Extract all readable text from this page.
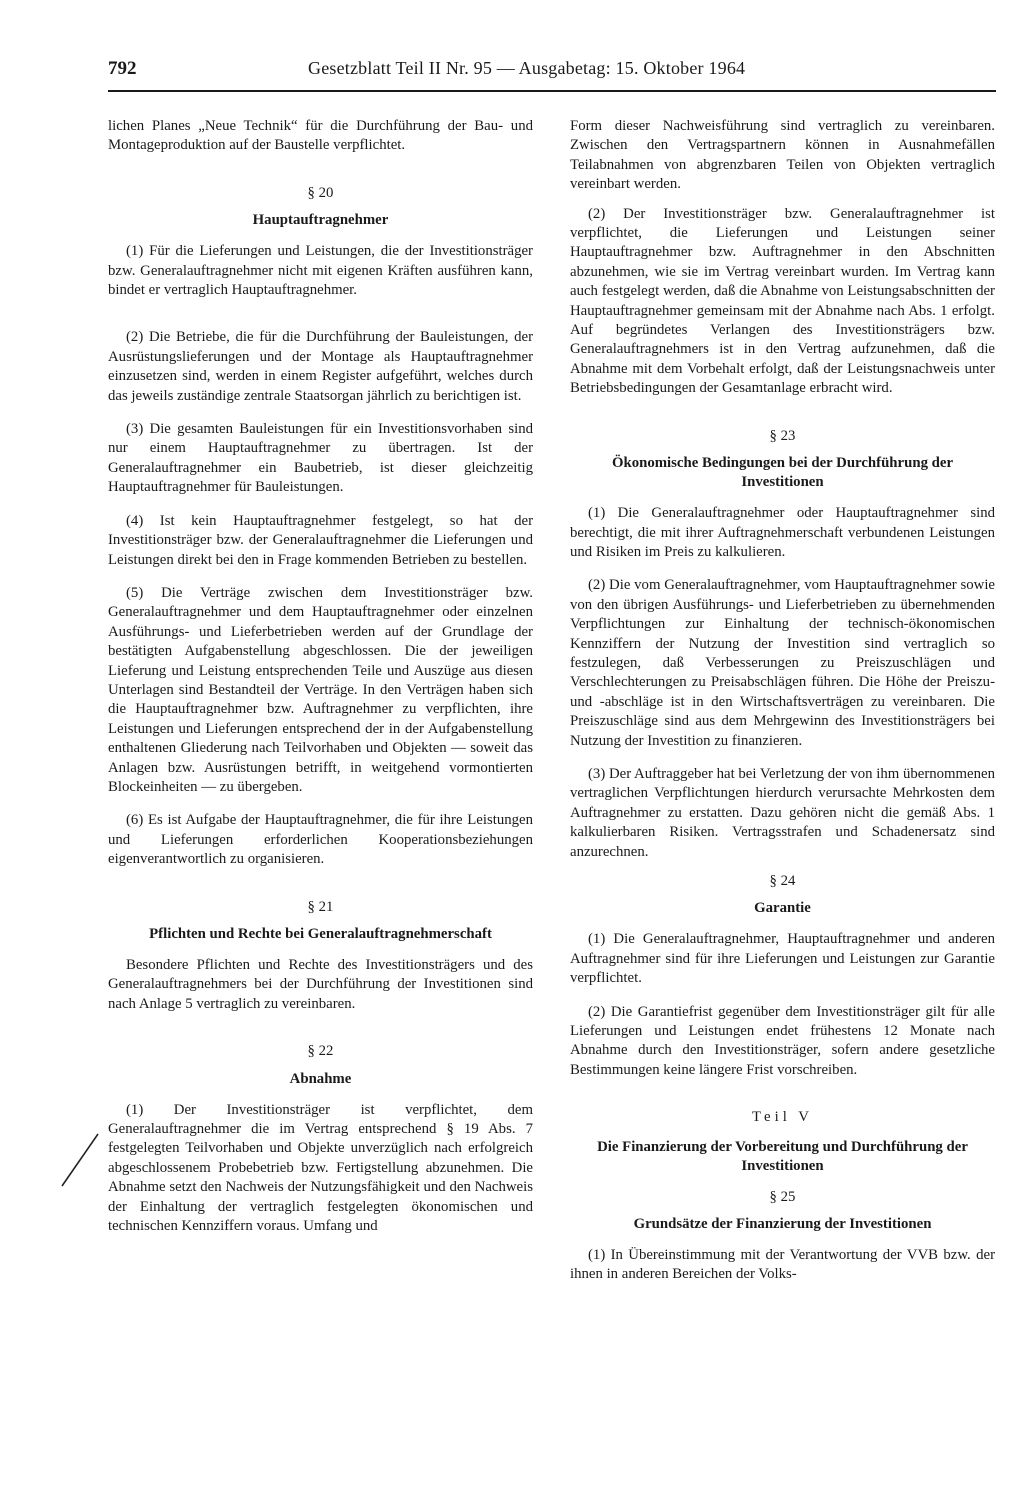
792	Gesetzblatt Teil II Nr. 95 — Ausgabetag: 15. Oktober 1964

lichen Planes „Neue Technik“ für die Durchführung der Bau- und Montageproduktion auf der Baustelle verpflichtet.

§ 20

Hauptauftragnehmer

(1) Für die Lieferungen und Leistungen, die der Investitionsträger bzw. Generalauftragnehmer nicht mit eigenen Kräften ausführen kann, bindet er vertraglich Hauptauftragnehmer.

(2) Die Betriebe, die für die Durchführung der Bauleistungen, der Ausrüstungslieferungen und der Montage als Hauptauftragnehmer einzusetzen sind, werden in einem Register aufgeführt, welches durch das jeweils zuständige zentrale Staatsorgan jährlich zu berichtigen ist.

(3) Die gesamten Bauleistungen für ein Investitionsvorhaben sind nur einem Hauptauftragnehmer zu übertragen. Ist der Generalauftragnehmer ein Baubetrieb, ist dieser gleichzeitig Hauptauftragnehmer für Bauleistungen.

(4) Ist kein Hauptauftragnehmer festgelegt, so hat der Investitionsträger bzw. der Generalauftragnehmer die Lieferungen und Leistungen direkt bei den in Frage kommenden Betrieben zu bestellen.

(5) Die Verträge zwischen dem Investitionsträger bzw. Generalauftragnehmer und dem Hauptauftragnehmer oder einzelnen Ausführungs- und Lieferbetrieben werden auf der Grundlage der bestätigten Aufgabenstellung abgeschlossen. Die der jeweiligen Lieferung und Leistung entsprechenden Teile und Auszüge aus diesen Unterlagen sind Bestandteil der Verträge. In den Verträgen haben sich die Hauptauftragnehmer bzw. Auftragnehmer zu verpflichten, ihre Leistungen und Lieferungen entsprechend der in der Aufgabenstellung enthaltenen Gliederung nach Teilvorhaben und Objekten — soweit das Anlagen bzw. Ausrüstungen betrifft, in weitgehend vormontierten Blockeinheiten — zu übergeben.

(6) Es ist Aufgabe der Hauptauftragnehmer, die für ihre Leistungen und Lieferungen erforderlichen Kooperationsbeziehungen eigenverantwortlich zu organisieren.

§ 21

Pflichten und Rechte bei Generalauftragnehmerschaft

Besondere Pflichten und Rechte des Investitionsträgers und des Generalauftragnehmers bei der Durchführung der Investitionen sind nach Anlage 5 vertraglich zu vereinbaren.

§ 22

Abnahme

(1) Der Investitionsträger ist verpflichtet, dem Generalauftragnehmer die im Vertrag entsprechend § 19 Abs. 7 festgelegten Teilvorhaben und Objekte unverzüglich nach erfolgreich abgeschlossenem Probebetrieb bzw. Fertigstellung abzunehmen. Die Abnahme setzt den Nachweis der Nutzungsfähigkeit und den Nachweis der Einhaltung der vertraglich festgelegten ökonomischen und technischen Kennziffern voraus. Umfang und

Form dieser Nachweisführung sind vertraglich zu vereinbaren. Zwischen den Vertragspartnern können in Ausnahmefällen Teilabnahmen von abgrenzbaren Teilen von Objekten vertraglich vereinbart werden.

(2) Der Investitionsträger bzw. Generalauftragnehmer ist verpflichtet, die Lieferungen und Leistungen seiner Hauptauftragnehmer bzw. Auftragnehmer in den Abschnitten abzunehmen, wie sie im Vertrag vereinbart wurden. Im Vertrag kann auch festgelegt werden, daß die Abnahme von Leistungsabschnitten der Hauptauftragnehmer gemeinsam mit der Abnahme nach Abs. 1 erfolgt. Auf begründetes Verlangen des Investitionsträgers bzw. Generalauftragnehmers ist in den Vertrag aufzunehmen, daß die Abnahme mit dem Vorbehalt erfolgt, daß der Leistungsnachweis unter Betriebsbedingungen der Gesamtanlage erbracht wird.

§ 23

Ökonomische Bedingungen bei der Durchführung der Investitionen

(1) Die Generalauftragnehmer oder Hauptauftragnehmer sind berechtigt, die mit ihrer Auftragnehmerschaft verbundenen Leistungen und Risiken im Preis zu kalkulieren.

(2) Die vom Generalauftragnehmer, vom Hauptauftragnehmer sowie von den übrigen Ausführungs- und Lieferbetrieben zu übernehmenden Verpflichtungen zur Einhaltung der technisch-ökonomischen Kennziffern der Nutzung der Investition sind vertraglich so festzulegen, daß Verbesserungen zu Preiszuschlägen und Verschlechterungen zu Preisabschlägen führen. Die Höhe der Preiszu- und -abschläge ist in den Wirtschaftsverträgen zu vereinbaren. Die Preiszuschläge sind aus dem Mehrgewinn des Investitionsträgers bei Nutzung der Investition zu finanzieren.

(3) Der Auftraggeber hat bei Verletzung der von ihm übernommenen vertraglichen Verpflichtungen hierdurch verursachte Mehrkosten dem Auftragnehmer zu erstatten. Dazu gehören nicht die gemäß Abs. 1 kalkulierbaren Risiken. Vertragsstrafen und Schadenersatz sind anzurechnen.

§ 24

Garantie

(1) Die Generalauftragnehmer, Hauptauftragnehmer und anderen Auftragnehmer sind für ihre Lieferungen und Leistungen zur Garantie verpflichtet.

(2) Die Garantiefrist gegenüber dem Investitionsträger gilt für alle Lieferungen und Leistungen endet frühestens 12 Monate nach Abnahme durch den Investitionsträger, sofern andere gesetzliche Bestimmungen keine längere Frist vorschreiben.

Teil V

Die Finanzierung der Vorbereitung und Durchführung der Investitionen

§ 25

Grundsätze der Finanzierung der Investitionen

(1) In Übereinstimmung mit der Verantwortung der VVB bzw. der ihnen in anderen Bereichen der Volks-
